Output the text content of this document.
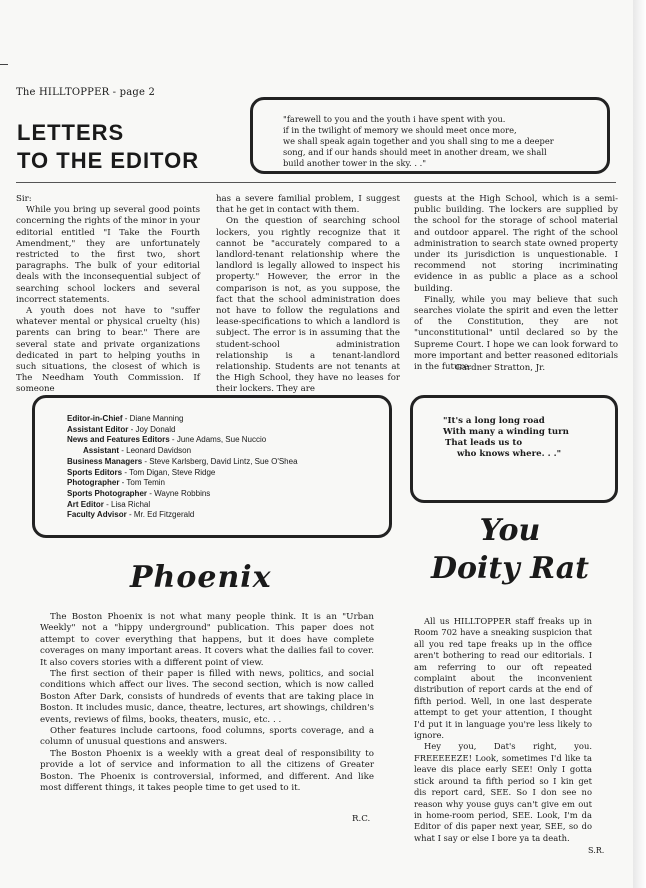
The HILLTOPPER - page 2
LETTERS
TO THE EDITOR
"farewell to you and the youth i have spent with you.
if in the twilight of memory we should meet once more,
we shall speak again together and you shall sing to me a deeper
song, and if our hands should meet in another dream, we shall
build another tower in the sky. . ."

Sir:

While you bring up several good points concerning the rights of the minor in your editorial entitled "I Take the Fourth Amendment," they are unfortunately restricted to the first two, short paragraphs. The bulk of your editorial deals with the inconsequential subject of searching school lockers and several incorrect statements.

A youth does not have to "suffer whatever mental or physical cruelty (his) parents can bring to bear." There are several state and private organizations dedicated in part to helping youths in such situations, the closest of which is The Needham Youth Commission. If someone

has a severe familial problem, I suggest that he get in contact with them.

On the question of searching school lockers, you rightly recognize that it cannot be "accurately compared to a landlord-tenant relationship where the landlord is legally allowed to inspect his property." However, the error in the comparison is not, as you suppose, the fact that the school administration does not have to follow the regulations and lease-specifications to which a landlord is subject. The error is in assuming that the student-school administration relationship is a tenant-landlord relationship. Students are not tenants at the High School, they have no leases for their lockers. They are

guests at the High School, which is a semi-public building. The lockers are supplied by the school for the storage of school material and outdoor apparel. The right of the school administration to search state owned property under its jurisdiction is unquestionable. I recommend not storing incriminating evidence in as public a place as a school building.

Finally, while you may believe that such searches violate the spirit and even the letter of the Constitution, they are not "unconstitutional" until declared so by the Supreme Court. I hope we can look forward to more important and better reasoned editorials in the future.

Gardner Stratton, Jr.
Editor-in-Chief - Diane Manning
Assistant Editor - Joy Donald
News and Features Editors - June Adams, Sue Nuccio
Assistant - Leonard Davidson
Business Managers - Steve Karlsberg, David Lintz, Sue O'Shea
Sports Editors - Tom Digan, Steve Ridge
Photographer - Tom Temin
Sports Photographer - Wayne Robbins
Art Editor - Lisa Richal
Faculty Advisor - Mr. Ed Fitzgerald
"It's a long long road
With many a winding turn
That leads us to
who knows where. . ."
You
Doity Rat
Phoenix

The Boston Phoenix is not what many people think. It is an "Urban Weekly" not a "hippy underground" publication. This paper does not attempt to cover everything that happens, but it does have complete coverages on many important areas. It covers what the dailies fail to cover. It also covers stories with a different point of view.

The first section of their paper is filled with news, politics, and social conditions which affect our lives. The second section, which is now called Boston After Dark, consists of hundreds of events that are taking place in Boston. It includes music, dance, theatre, lectures, art showings, children's events, reviews of films, books, theaters, music, etc. . .

Other features include cartoons, food columns, sports coverage, and a column of unusual questions and answers.

The Boston Phoenix is a weekly with a great deal of responsibility to provide a lot of service and information to all the citizens of Greater Boston. The Phoenix is controversial, informed, and different. And like most different things, it takes people time to get used to it.

R.C.

All us HILLTOPPER staff freaks up in Room 702 have a sneaking suspicion that all you red tape freaks up in the office aren't bothering to read our editorials. I am referring to our oft repeated complaint about the inconvenient distribution of report cards at the end of fifth period. Well, in one last desperate attempt to get your attention, I thought I'd put it in language you're less likely to ignore.

Hey you, Dat's right, you. FREEEEEZE! Look, sometimes I'd like ta leave dis place early SEE! Only I gotta stick around ta fifth period so I kin get dis report card, SEE. So I don see no reason why youse guys can't give em out in home-room period, SEE. Look, I'm da Editor of dis paper next year, SEE, so do what I say or else I bore ya ta death.

S.R.
